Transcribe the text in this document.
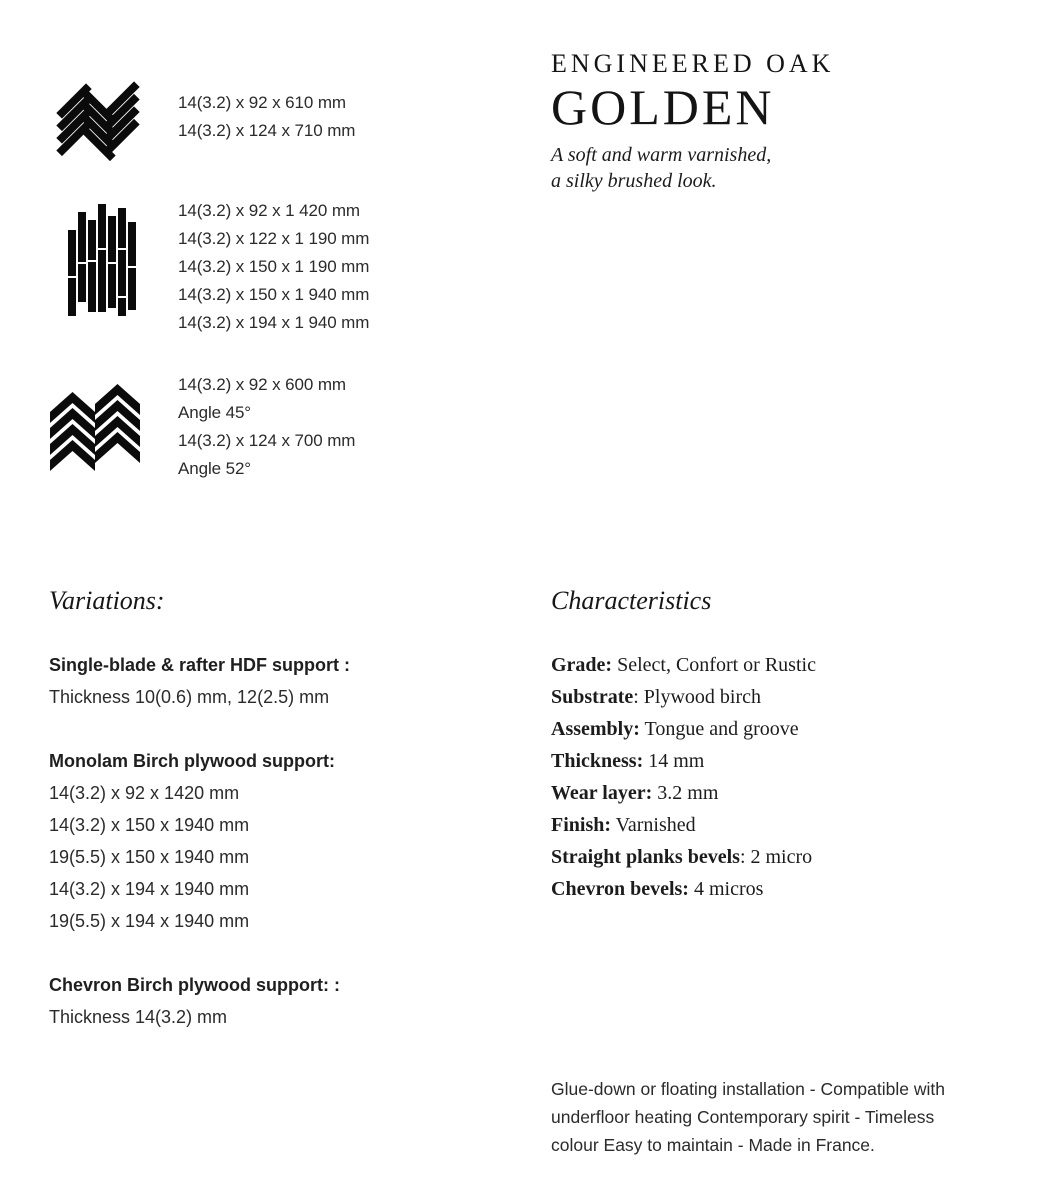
14(3.2) x 92 x 610 mm
14(3.2) x 124 x 710 mm
14(3.2) x 92 x 1 420 mm
14(3.2) x 122 x 1 190 mm
14(3.2) x 150 x 1 190 mm
14(3.2) x 150 x 1 940 mm
14(3.2) x 194 x 1 940 mm
14(3.2) x 92 x 600 mm
Angle 45°
14(3.2) x 124 x 700 mm
Angle 52°
ENGINEERED OAK
GOLDEN
A soft and warm varnished,
a silky brushed look.
Variations:
Single-blade & rafter HDF support :
Thickness 10(0.6) mm, 12(2.5) mm
Monolam Birch plywood support:
14(3.2) x 92 x 1420 mm
14(3.2) x 150 x 1940 mm
19(5.5) x 150 x 1940 mm
14(3.2) x 194 x 1940 mm
19(5.5) x 194 x 1940 mm
Chevron Birch plywood support: :
Thickness 14(3.2) mm
Characteristics
Grade: Select, Confort or Rustic
Substrate: Plywood birch
Assembly: Tongue and groove
Thickness: 14 mm
Wear layer: 3.2 mm
Finish: Varnished
Straight planks bevels: 2 micro
Chevron bevels: 4 micros
Glue-down or floating installation - Compatible with underfloor heating Contemporary spirit - Timeless colour Easy to maintain - Made in France.
